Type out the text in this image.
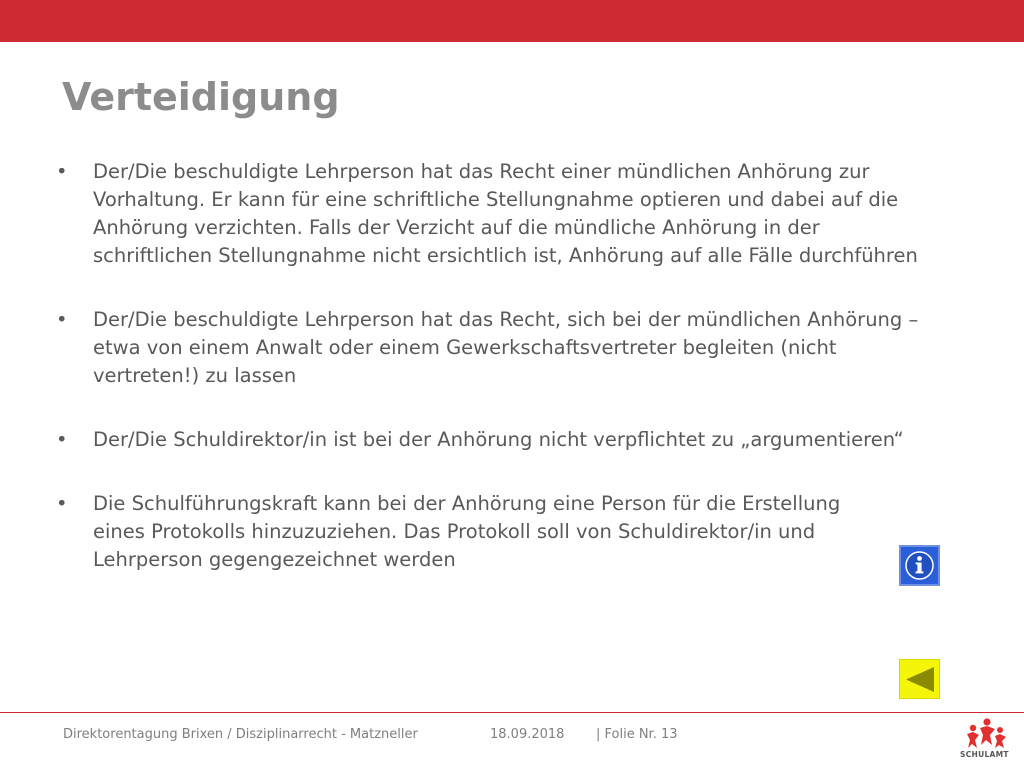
Verteidigung
•	Der/Die beschuldigte Lehrperson hat das Recht einer mündlichen Anhörung zur Vorhaltung. Er kann für eine schriftliche Stellungnahme optieren und dabei auf die Anhörung verzichten. Falls der Verzicht auf die mündliche Anhörung in der schriftlichen Stellungnahme nicht ersichtlich ist, Anhörung auf alle Fälle durchführen
•	Der/Die beschuldigte Lehrperson hat das Recht, sich bei der mündlichen Anhörung – etwa von einem Anwalt oder einem Gewerkschaftsvertreter begleiten (nicht vertreten!) zu lassen
•	Der/Die Schuldirektor/in ist bei der Anhörung nicht verpflichtet zu „argumentieren“
•	Die Schulführungskraft kann bei der Anhörung eine Person für die Erstellung eines Protokolls hinzuzuziehen. Das Protokoll soll von Schuldirektor/in und Lehrperson gegengezeichnet werden
Direktorentagung Brixen / Disziplinarrecht - Matzneller	18.09.2018 | Folie Nr. 13
SCHULAMT
